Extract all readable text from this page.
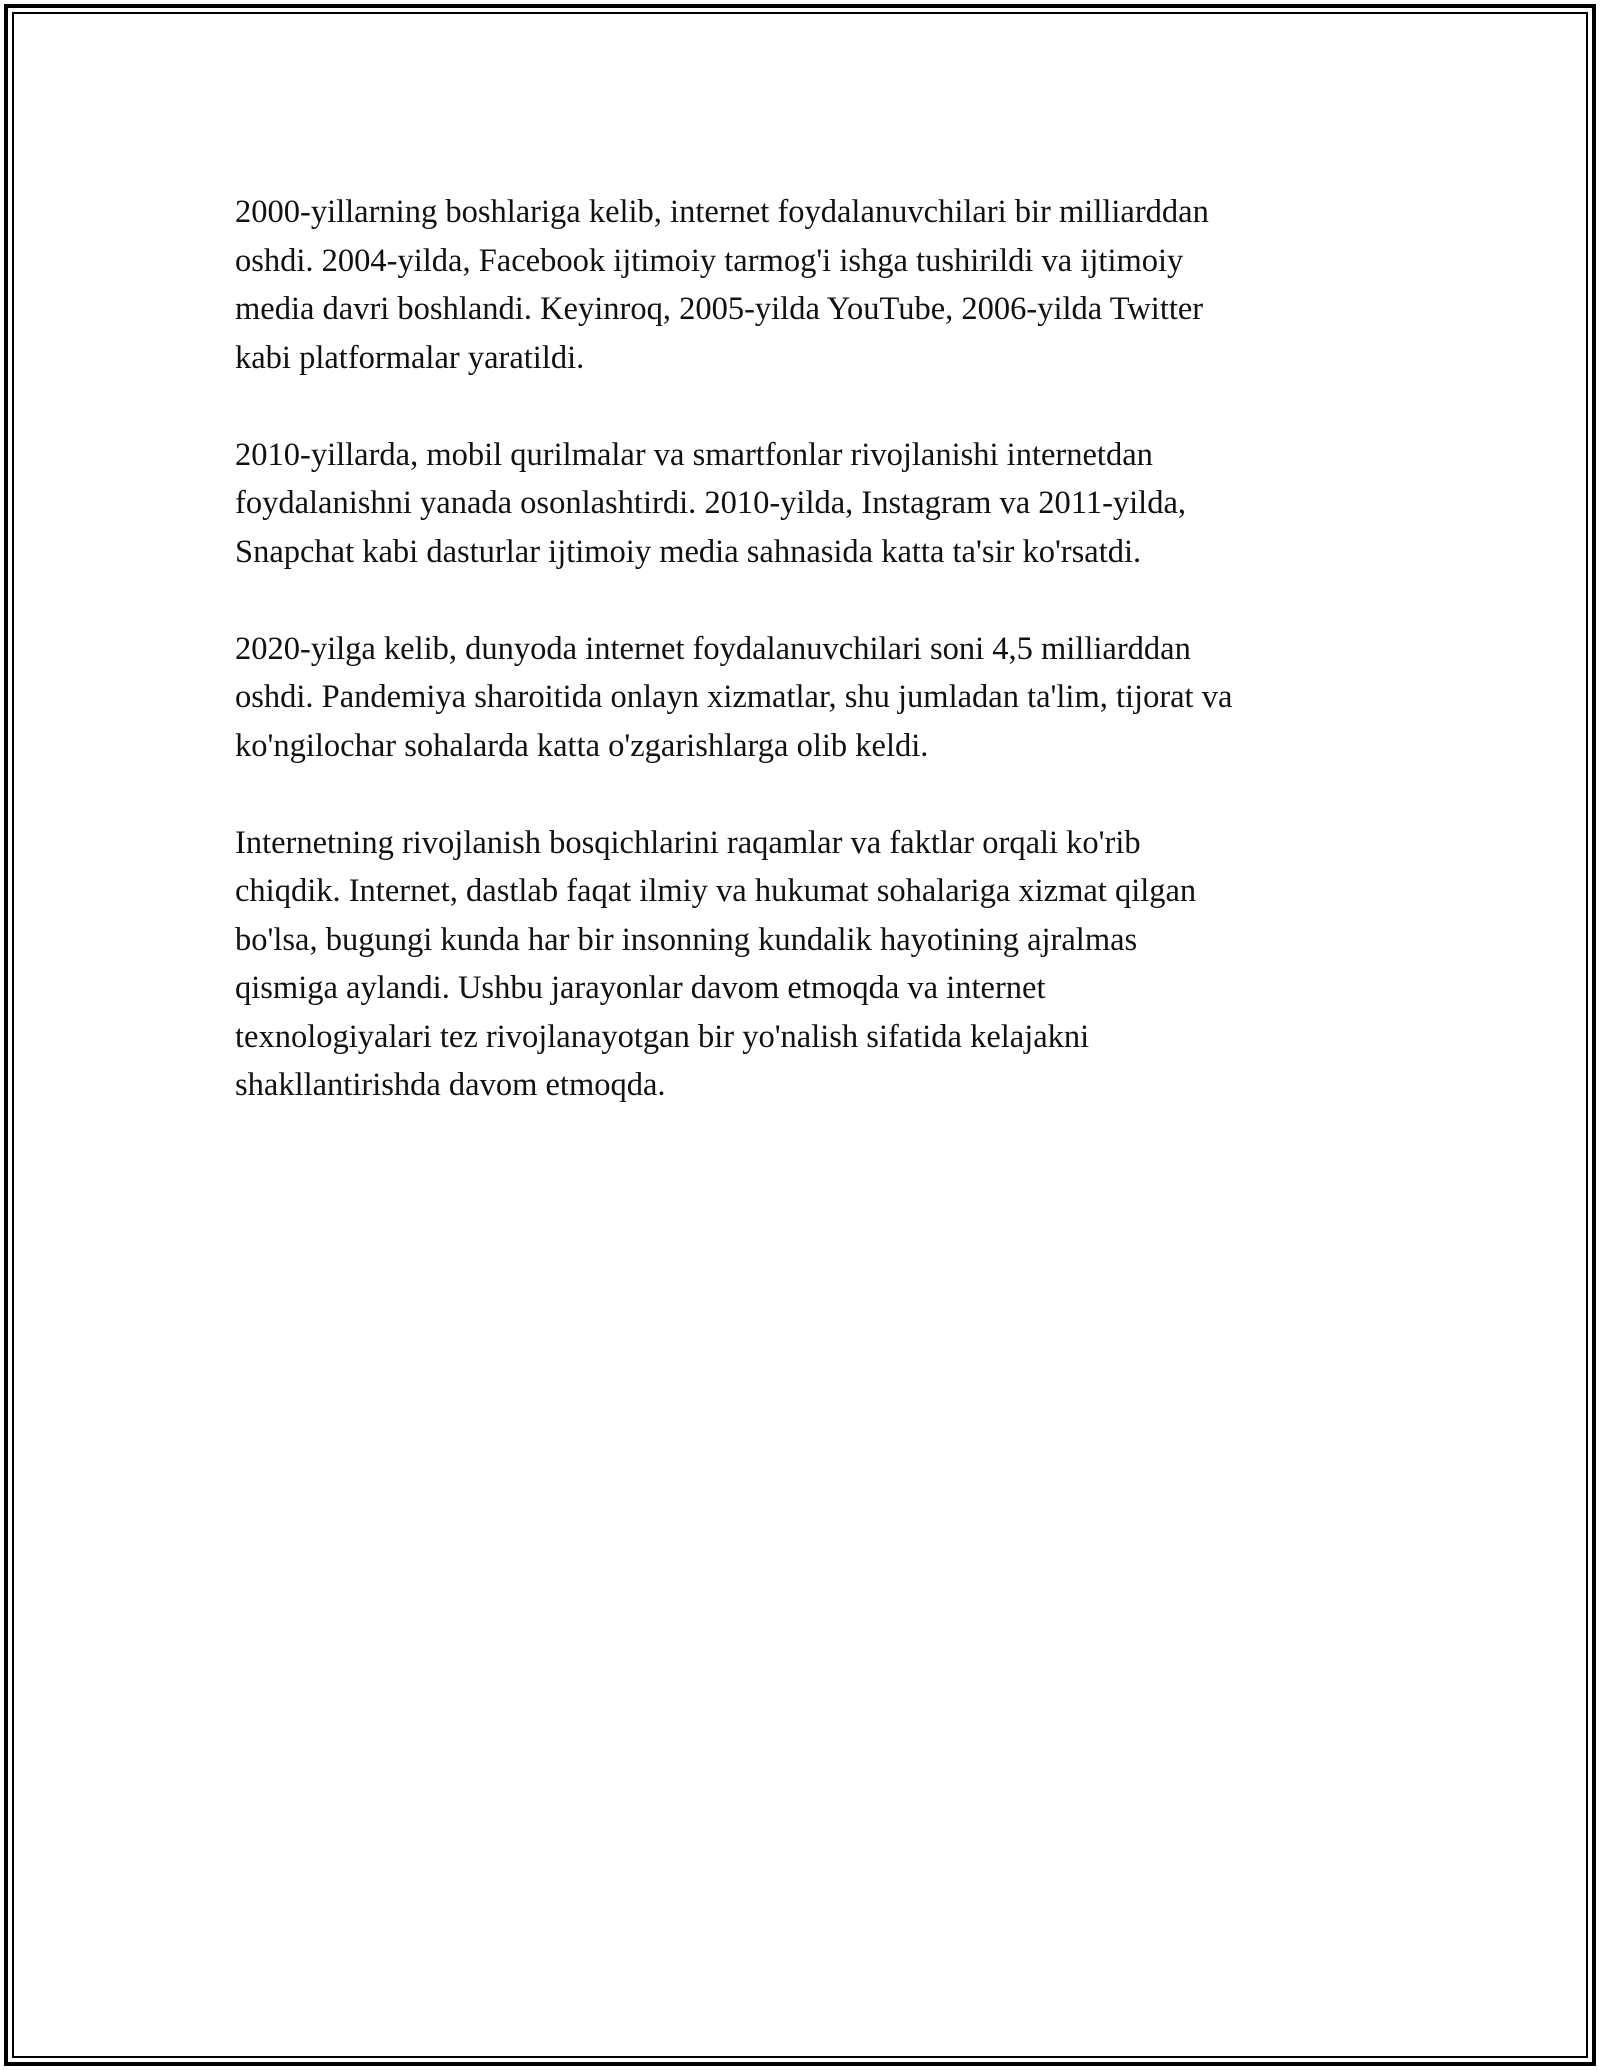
2000-yillarning boshlariga kelib, internet foydalanuvchilari bir milliarddan
oshdi. 2004-yilda, Facebook ijtimoiy tarmog'i ishga tushirildi va ijtimoiy
media davri boshlandi. Keyinroq, 2005-yilda YouTube, 2006-yilda Twitter
kabi platformalar yaratildi.

2010-yillarda, mobil qurilmalar va smartfonlar rivojlanishi internetdan
foydalanishni yanada osonlashtirdi. 2010-yilda, Instagram va 2011-yilda,
Snapchat kabi dasturlar ijtimoiy media sahnasida katta ta'sir ko'rsatdi.

2020-yilga kelib, dunyoda internet foydalanuvchilari soni 4,5 milliarddan
oshdi. Pandemiya sharoitida onlayn xizmatlar, shu jumladan ta'lim, tijorat va
ko'ngilochar sohalarda katta o'zgarishlarga olib keldi.

Internetning rivojlanish bosqichlarini raqamlar va faktlar orqali ko'rib
chiqdik. Internet, dastlab faqat ilmiy va hukumat sohalariga xizmat qilgan
bo'lsa, bugungi kunda har bir insonning kundalik hayotining ajralmas
qismiga aylandi. Ushbu jarayonlar davom etmoqda va internet
texnologiyalari tez rivojlanayotgan bir yo'nalish sifatida kelajakni
shakllantirishda davom etmoqda.
